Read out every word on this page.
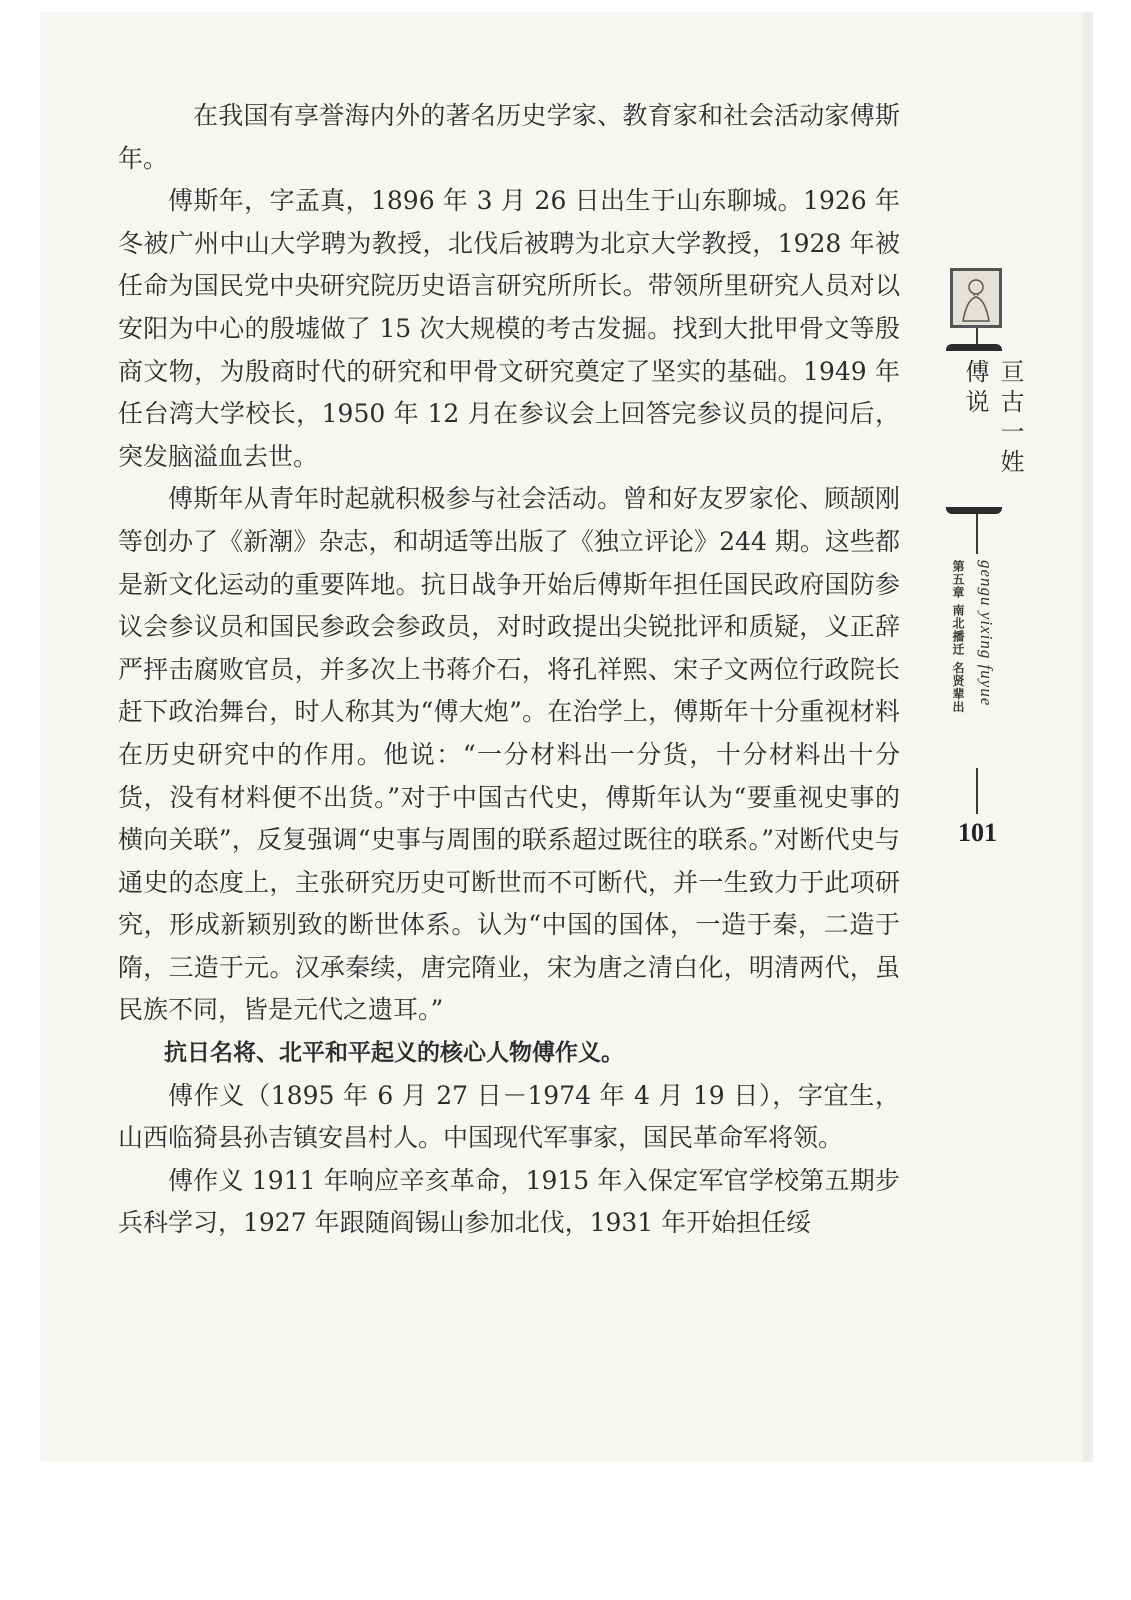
在我国有享誉海内外的著名历史学家、教育家和社会活动家傅斯年。

傅斯年，字孟真，1896 年 3 月 26 日出生于山东聊城。1926 年冬被广州中山大学聘为教授，北伐后被聘为北京大学教授，1928 年被任命为国民党中央研究院历史语言研究所所长。带领所里研究人员对以安阳为中心的殷墟做了 15 次大规模的考古发掘。找到大批甲骨文等殷商文物，为殷商时代的研究和甲骨文研究奠定了坚实的基础。1949 年任台湾大学校长，1950 年 12 月在参议会上回答完参议员的提问后，突发脑溢血去世。

傅斯年从青年时起就积极参与社会活动。曾和好友罗家伦、顾颉刚等创办了《新潮》杂志，和胡适等出版了《独立评论》244 期。这些都是新文化运动的重要阵地。抗日战争开始后傅斯年担任国民政府国防参议会参议员和国民参政会参政员，对时政提出尖锐批评和质疑，义正辞严抨击腐败官员，并多次上书蒋介石，将孔祥熙、宋子文两位行政院长赶下政治舞台，时人称其为“傅大炮”。在治学上，傅斯年十分重视材料在历史研究中的作用。他说：“一分材料出一分货，十分材料出十分货，没有材料便不出货。”对于中国古代史，傅斯年认为“要重视史事的横向关联”，反复强调“史事与周围的联系超过既往的联系。”对断代史与通史的态度上，主张研究历史可断世而不可断代，并一生致力于此项研究，形成新颖别致的断世体系。认为“中国的国体，一造于秦，二造于隋，三造于元。汉承秦续，唐完隋业，宋为唐之清白化，明清两代，虽民族不同，皆是元代之遗耳。”

抗日名将、北平和平起义的核心人物傅作义。

傅作义（1895 年 6 月 27 日－1974 年 4 月 19 日），字宜生，山西临猗县孙吉镇安昌村人。中国现代军事家，国民革命军将领。

傅作义 1911 年响应辛亥革命，1915 年入保定军官学校第五期步兵科学习，1927 年跟随阎锡山参加北伐，1931 年开始担任绥

亘古一姓 傅说
第五章 南北播迁 名贤辈出 gengu yixing fuyue
101
